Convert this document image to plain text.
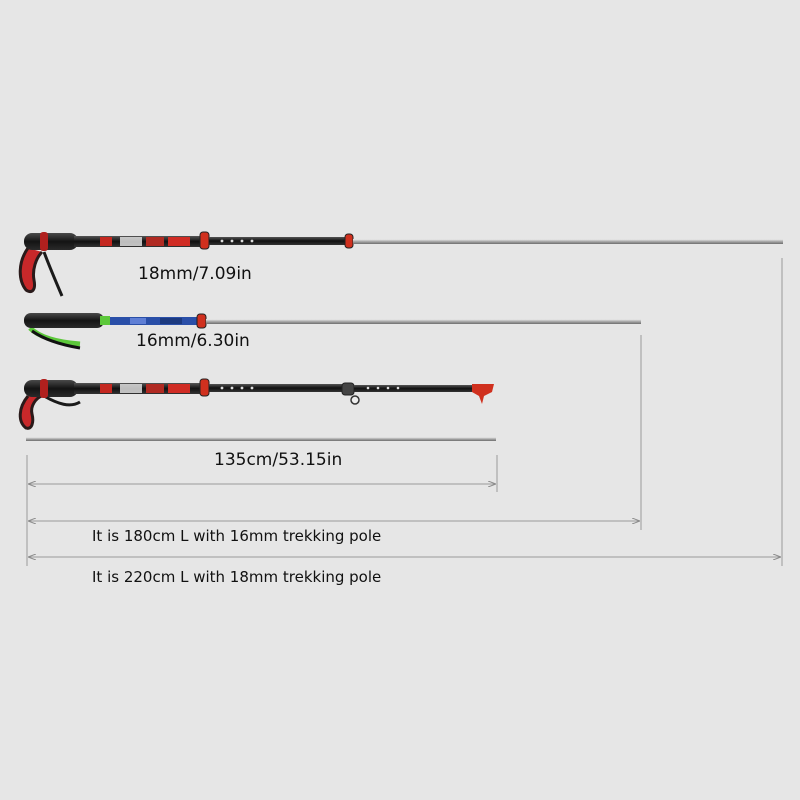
18mm/7.09in
16mm/6.30in
135cm/53.15in
It is 180cm L with 16mm trekking pole
It is 220cm L with 18mm trekking pole
